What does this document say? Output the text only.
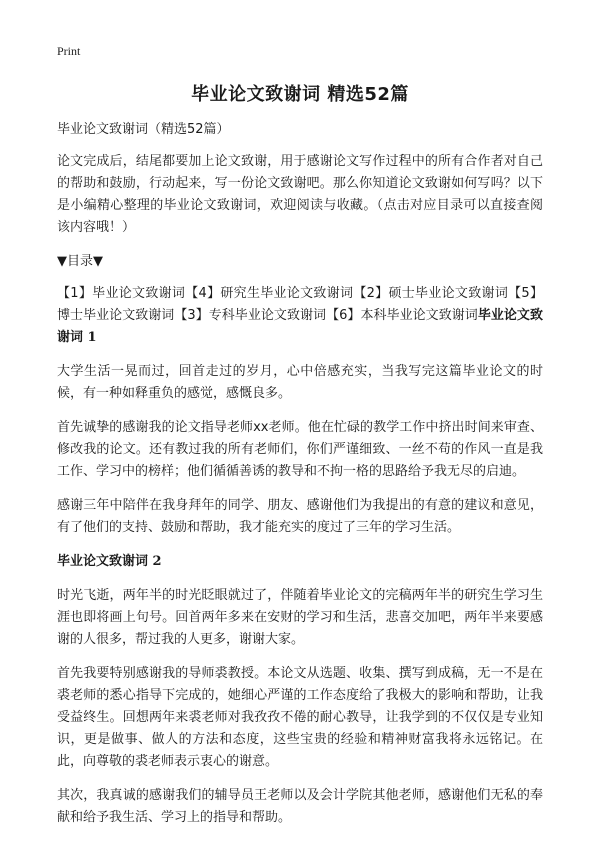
Print
毕业论文致谢词 精选52篇

毕业论文致谢词（精选52篇）

论文完成后，结尾都要加上论文致谢，用于感谢论文写作过程中的所有合作者对自己的帮助和鼓励，行动起来，写一份论文致谢吧。那么你知道论文致谢如何写吗？以下是小编精心整理的毕业论文致谢词，欢迎阅读与收藏。（点击对应目录可以直接查阅该内容哦！）

▼目录▼

【1】毕业论文致谢词【4】研究生毕业论文致谢词【2】硕士毕业论文致谢词【5】博士毕业论文致谢词【3】专科毕业论文致谢词【6】本科毕业论文致谢词毕业论文致谢词 1

大学生活一晃而过，回首走过的岁月，心中倍感充实，当我写完这篇毕业论文的时候，有一种如释重负的感觉，感慨良多。

首先诚挚的感谢我的论文指导老师xx老师。他在忙碌的教学工作中挤出时间来审查、修改我的论文。还有教过我的所有老师们，你们严谨细致、一丝不苟的作风一直是我工作、学习中的榜样；他们循循善诱的教导和不拘一格的思路给予我无尽的启迪。

感谢三年中陪伴在我身拜年的同学、朋友、感谢他们为我提出的有意的建议和意见，有了他们的支持、鼓励和帮助，我才能充实的度过了三年的学习生活。

毕业论文致谢词 2

时光飞逝，两年半的时光眨眼就过了，伴随着毕业论文的完稿两年半的研究生学习生涯也即将画上句号。回首两年多来在安财的学习和生活，悲喜交加吧，两年半来要感谢的人很多，帮过我的人更多，谢谢大家。

首先我要特别感谢我的导师裘教授。本论文从选题、收集、撰写到成稿，无一不是在裘老师的悉心指导下完成的，她细心严谨的工作态度给了我极大的影响和帮助，让我受益终生。回想两年来裘老师对我孜孜不倦的耐心教导，让我学到的不仅仅是专业知识，更是做事、做人的方法和态度，这些宝贵的经验和精神财富我将永远铭记。在此，向尊敬的裘老师表示衷心的谢意。

其次，我真诚的感谢我们的辅导员王老师以及会计学院其他老师，感谢他们无私的奉献和给予我生活、学习上的指导和帮助。
